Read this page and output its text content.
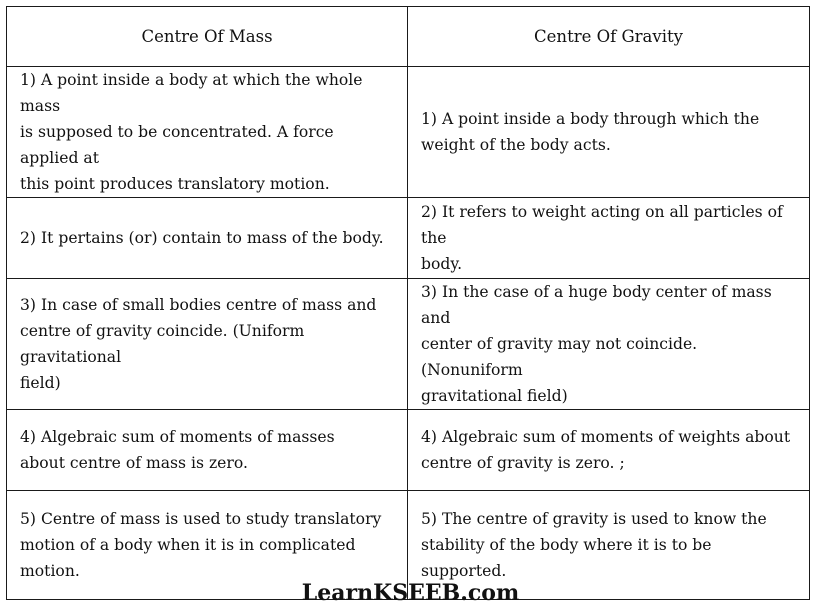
Centre Of Mass	Centre Of Gravity

1) A point inside a body at which the whole mass
is supposed to be concentrated. A force applied at
this point produces translatory motion.	1) A point inside a body through which the
weight of the body acts.

2) It pertains (or) contain to mass of the body.	2) It refers to weight acting on all particles of the
body.

3) In case of small bodies centre of mass and
centre of gravity coincide. (Uniform gravitational
field)	3) In the case of a huge body center of mass and
center of gravity may not coincide. (Nonuniform
gravitational field)

4) Algebraic sum of moments of masses
about centre of mass is zero.	4) Algebraic sum of moments of weights about
centre of gravity is zero. ;

5) Centre of mass is used to study translatory
motion of a body when it is in complicated
motion.	5) The centre of gravity is used to know the
stability of the body where it is to be supported.
LearnKSEEB.com
